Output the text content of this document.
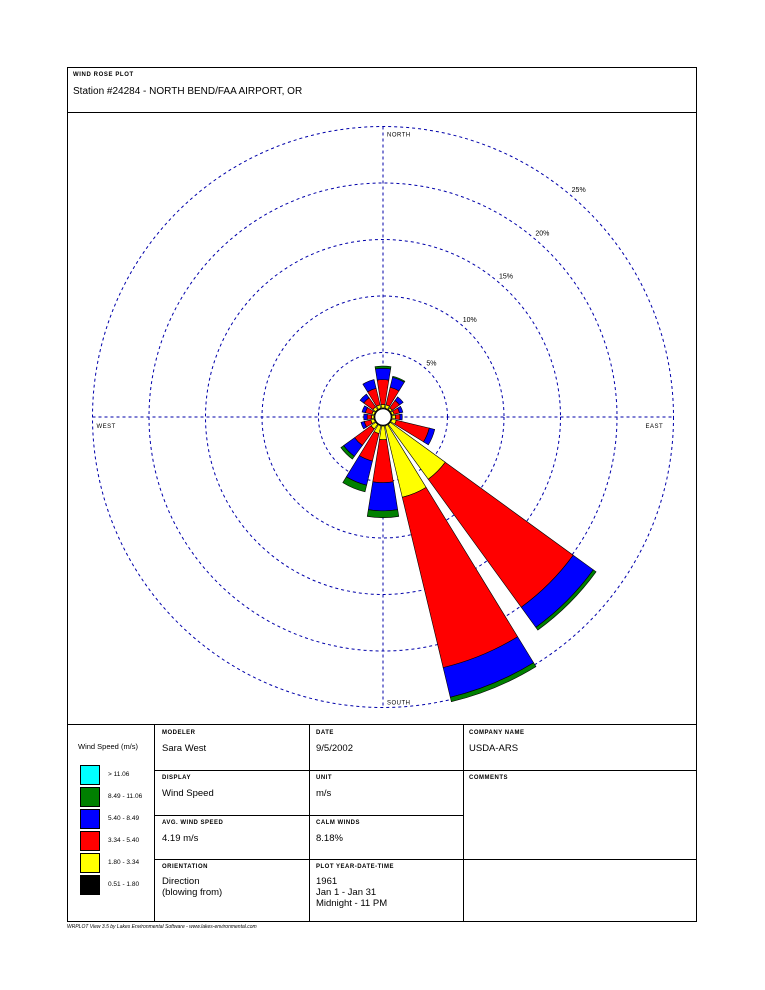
WIND ROSE PLOT
Station #24284 - NORTH BEND/FAA AIRPORT, OR
5%
10%
15%
20%
25%
NORTH
SOUTH
EAST
WEST
Wind Speed (m/s)
> 11.06
8.49 - 11.06
5.40 - 8.49
3.34 - 5.40
1.80 - 3.34
0.51 - 1.80
MODELER
Sara West
DATE
9/5/2002
COMPANY NAME
USDA-ARS
DISPLAY
Wind Speed
UNIT
m/s
COMMENTS
AVG. WIND SPEED
4.19 m/s
CALM WINDS
8.18%
ORIENTATION
Direction
(blowing from)
PLOT YEAR-DATE-TIME
1961
Jan 1 - Jan 31
Midnight - 11 PM
WRPLOT View 3.5 by Lakes Environmental Software - www.lakes-environmental.com
